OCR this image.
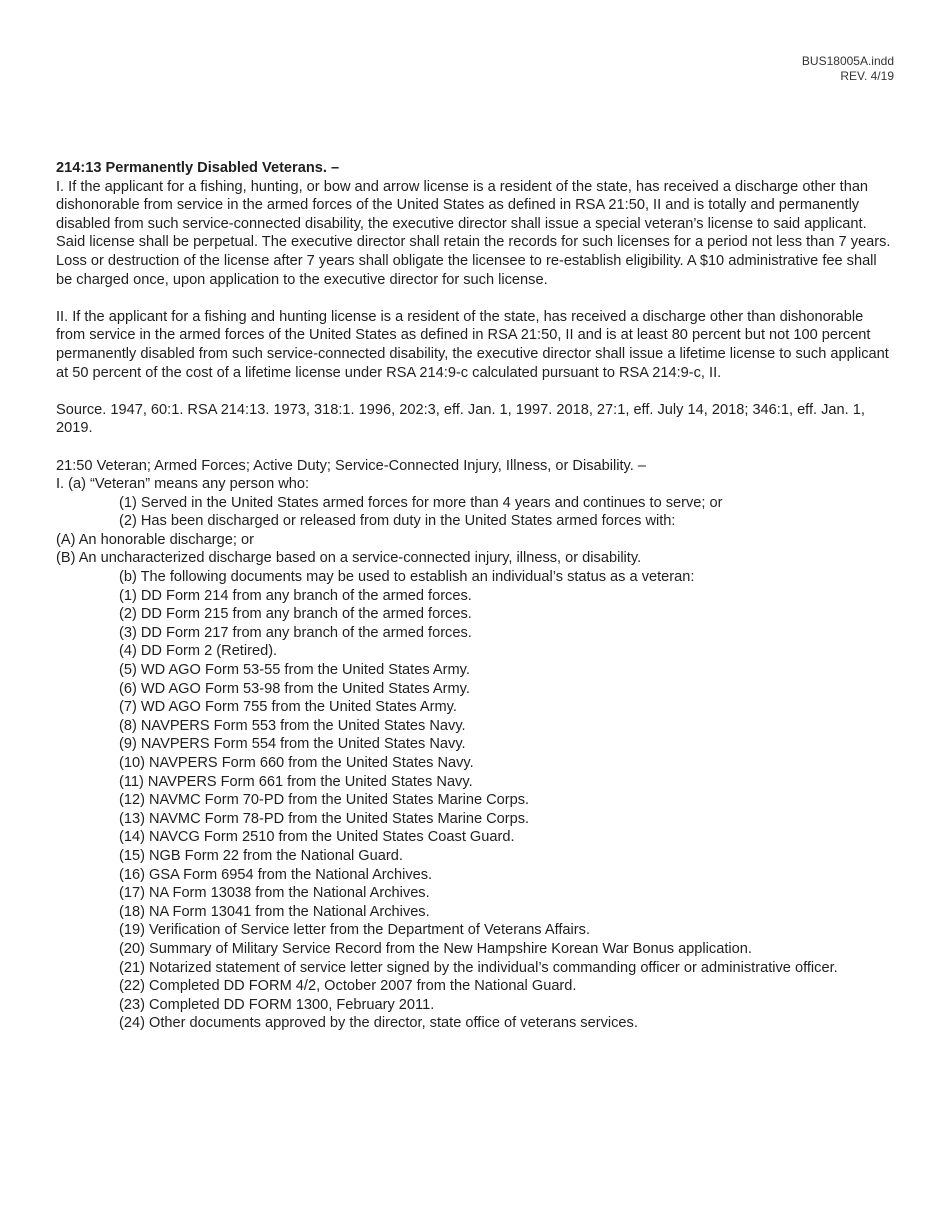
BUS18005A.indd
REV. 4/19

214:13 Permanently Disabled Veterans. –

I. If the applicant for a fishing, hunting, or bow and arrow license is a resident of the state, has received a discharge other than dishonorable from service in the armed forces of the United States as defined in RSA 21:50, II and is totally and permanently disabled from such service-connected disability, the executive director shall issue a special veteran’s license to said applicant. Said license shall be perpetual. The executive director shall retain the records for such licenses for a period not less than 7 years. Loss or destruction of the license after 7 years shall obligate the licensee to re-establish eligibility. A $10 administrative fee shall be charged once, upon application to the executive director for such license.

II. If the applicant for a fishing and hunting license is a resident of the state, has received a discharge other than dishonorable from service in the armed forces of the United States as defined in RSA 21:50, II and is at least 80 percent but not 100 percent permanently disabled from such service-connected disability, the executive director shall issue a lifetime license to such applicant at 50 percent of the cost of a lifetime license under RSA 214:9-c calculated pursuant to RSA 214:9-c, II.

Source. 1947, 60:1. RSA 214:13. 1973, 318:1. 1996, 202:3, eff. Jan. 1, 1997. 2018, 27:1, eff. July 14, 2018; 346:1, eff. Jan. 1, 2019.

21:50 Veteran; Armed Forces; Active Duty; Service-Connected Injury, Illness, or Disability. –

I. (a) “Veteran” means any person who:

(1) Served in the United States armed forces for more than 4 years and continues to serve; or

(2) Has been discharged or released from duty in the United States armed forces with:

(A) An honorable discharge; or

(B) An uncharacterized discharge based on a service-connected injury, illness, or disability.

(b) The following documents may be used to establish an individual’s status as a veteran:

(1) DD Form 214 from any branch of the armed forces.

(2) DD Form 215 from any branch of the armed forces.

(3) DD Form 217 from any branch of the armed forces.

(4) DD Form 2 (Retired).

(5) WD AGO Form 53-55 from the United States Army.

(6) WD AGO Form 53-98 from the United States Army.

(7) WD AGO Form 755 from the United States Army.

(8) NAVPERS Form 553 from the United States Navy.

(9) NAVPERS Form 554 from the United States Navy.

(10) NAVPERS Form 660 from the United States Navy.

(11) NAVPERS Form 661 from the United States Navy.

(12) NAVMC Form 70-PD from the United States Marine Corps.

(13) NAVMC Form 78-PD from the United States Marine Corps.

(14) NAVCG Form 2510 from the United States Coast Guard.

(15) NGB Form 22 from the National Guard.

(16) GSA Form 6954 from the National Archives.

(17) NA Form 13038 from the National Archives.

(18) NA Form 13041 from the National Archives.

(19) Verification of Service letter from the Department of Veterans Affairs.

(20) Summary of Military Service Record from the New Hampshire Korean War Bonus application.

(21) Notarized statement of service letter signed by the individual’s commanding officer or administrative officer.

(22) Completed DD FORM 4/2, October 2007 from the National Guard.

(23) Completed DD FORM 1300, February 2011.

(24) Other documents approved by the director, state office of veterans services.
